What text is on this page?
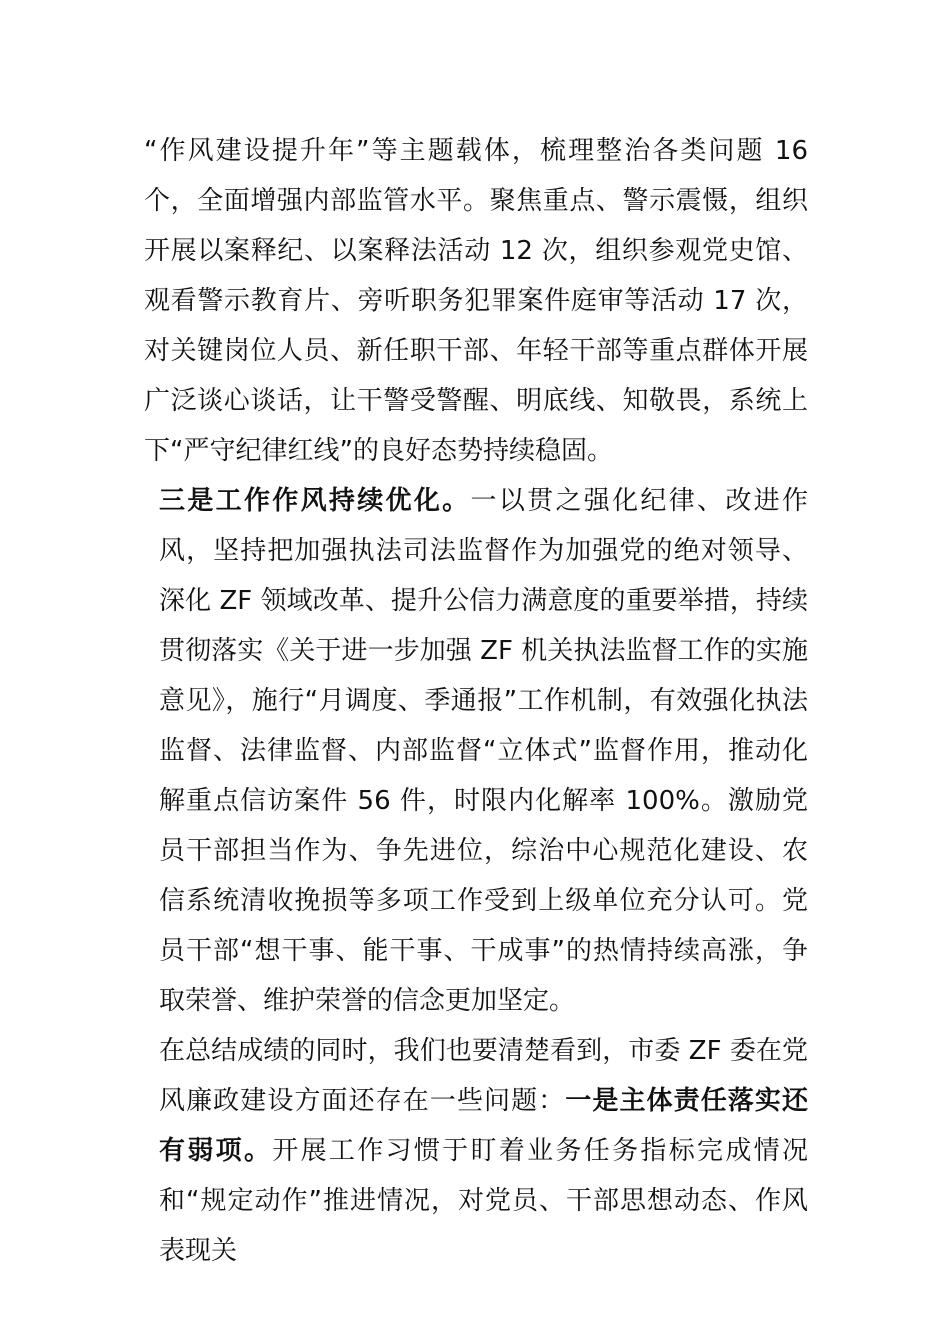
“作风建设提升年”等主题载体，梳理整治各类问题 16 个，全面增强内部监管水平。聚焦重点、警示震慑，组织开展以案释纪、以案释法活动 12 次，组织参观党史馆、观看警示教育片、旁听职务犯罪案件庭审等活动 17 次，对关键岗位人员、新任职干部、年轻干部等重点群体开展广泛谈心谈话，让干警受警醒、明底线、知敬畏，系统上下“严守纪律红线”的良好态势持续稳固。

三是工作作风持续优化。一以贯之强化纪律、改进作风，坚持把加强执法司法监督作为加强党的绝对领导、深化 ZF 领域改革、提升公信力满意度的重要举措，持续贯彻落实《关于进一步加强 ZF 机关执法监督工作的实施意见》，施行“月调度、季通报”工作机制，有效强化执法监督、法律监督、内部监督“立体式”监督作用，推动化解重点信访案件 56 件，时限内化解率 100%。激励党员干部担当作为、争先进位，综治中心规范化建设、农信系统清收挽损等多项工作受到上级单位充分认可。党员干部“想干事、能干事、干成事”的热情持续高涨，争取荣誉、维护荣誉的信念更加坚定。

在总结成绩的同时，我们也要清楚看到，市委 ZF 委在党风廉政建设方面还存在一些问题：一是主体责任落实还有弱项。开展工作习惯于盯着业务任务指标完成情况和“规定动作”推进情况，对党员、干部思想动态、作风表现关
